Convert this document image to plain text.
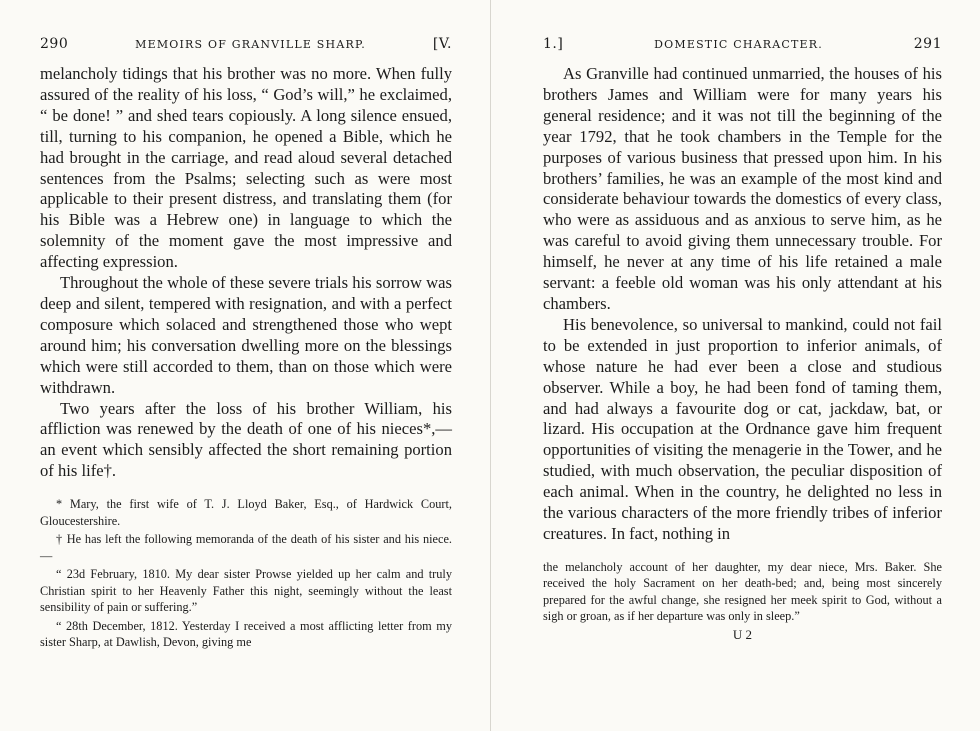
290	MEMOIRS OF GRANVILLE SHARP.	[V.

melancholy tidings that his brother was no more. When fully assured of the reality of his loss, “ God’s will,” he exclaimed, “ be done! ” and shed tears copiously. A long silence ensued, till, turning to his companion, he opened a Bible, which he had brought in the carriage, and read aloud several detached sentences from the Psalms; selecting such as were most applicable to their present distress, and translating them (for his Bible was a Hebrew one) in language to which the solemnity of the moment gave the most impressive and affecting expression.

Throughout the whole of these severe trials his sorrow was deep and silent, tempered with resignation, and with a perfect composure which solaced and strengthened those who wept around him; his conversation dwelling more on the blessings which were still accorded to them, than on those which were withdrawn.

Two years after the loss of his brother William, his affliction was renewed by the death of one of his nieces*,—an event which sensibly affected the short remaining portion of his life†.

* Mary, the first wife of T. J. Lloyd Baker, Esq., of Hardwick Court, Gloucestershire.

† He has left the following memoranda of the death of his sister and his niece.—

“ 23d February, 1810. My dear sister Prowse yielded up her calm and truly Christian spirit to her Heavenly Father this night, seemingly without the least sensibility of pain or suffering.”

“ 28th December, 1812. Yesterday I received a most afflicting letter from my sister Sharp, at Dawlish, Devon, giving me

1.]	DOMESTIC CHARACTER.	291

As Granville had continued unmarried, the houses of his brothers James and William were for many years his general residence; and it was not till the beginning of the year 1792, that he took chambers in the Temple for the purposes of various business that pressed upon him. In his brothers’ families, he was an example of the most kind and considerate behaviour towards the domestics of every class, who were as assiduous and as anxious to serve him, as he was careful to avoid giving them unnecessary trouble. For himself, he never at any time of his life retained a male servant: a feeble old woman was his only attendant at his chambers.

His benevolence, so universal to mankind, could not fail to be extended in just proportion to inferior animals, of whose nature he had ever been a close and studious observer. While a boy, he had been fond of taming them, and had always a favourite dog or cat, jackdaw, bat, or lizard. His occupation at the Ordnance gave him frequent opportunities of visiting the menagerie in the Tower, and he studied, with much observation, the peculiar disposition of each animal. When in the country, he delighted no less in the various characters of the more friendly tribes of inferior creatures. In fact, nothing in

the melancholy account of her daughter, my dear niece, Mrs. Baker. She received the holy Sacrament on her death-bed; and, being most sincerely prepared for the awful change, she resigned her meek spirit to God, without a sigh or groan, as if her departure was only in sleep.”

U 2
